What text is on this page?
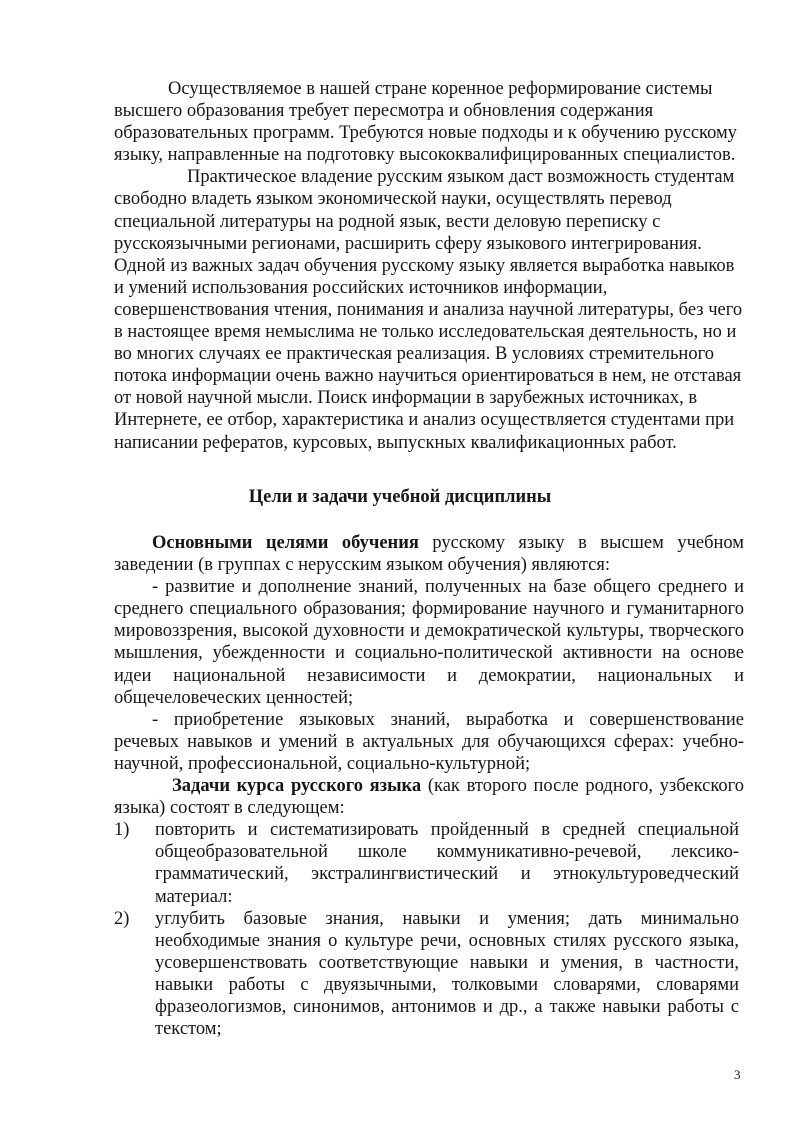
Осуществляемое в нашей стране коренное реформирование системы высшего образования требует пересмотра и обновления содержания образовательных программ. Требуются новые подходы и к обучению русскому языку, направленные на подготовку высококвалифицированных специалистов.

Практическое владение русским языком даст возможность студентам свободно владеть языком экономической науки, осуществлять перевод специальной литературы на родной язык, вести деловую переписку с русскоязычными регионами, расширить сферу языкового интегрирования. Одной из важных задач обучения русскому языку является выработка навыков и умений использования российских источников информации, совершенствования чтения, понимания и анализа научной литературы, без чего в настоящее время немыслима не только исследовательская деятельность, но и во многих случаях ее практическая реализация. В условиях стремительного потока информации очень важно научиться ориентироваться в нем, не отставая от новой научной мысли. Поиск информации в зарубежных источниках, в Интернете, ее отбор, характеристика и анализ осуществляется студентами при написании рефератов, курсовых, выпускных квалификационных работ.

Цели и задачи учебной дисциплины

Основными целями обучения русскому языку в высшем учебном заведении (в группах с нерусским языком обучения) являются:

- развитие и дополнение знаний, полученных на базе общего среднего и среднего специального образования; формирование научного и гуманитарного мировоззрения, высокой духовности и демократической культуры, творческого мышления, убежденности и социально-политической активности на основе идеи национальной независимости и демократии, национальных и общечеловеческих ценностей;

- приобретение языковых знаний, выработка и совершенствование речевых навыков и умений в актуальных для обучающихся сферах: учебно-научной, профессиональной, социально-культурной;

Задачи курса русского языка (как второго после родного, узбекского языка) состоят в следующем:

1) повторить и систематизировать пройденный в средней специальной общеобразовательной школе коммуникативно-речевой, лексико-грамматический, экстралингвистический и этнокультуроведческий материал:

2) углубить базовые знания, навыки и умения; дать минимально необходимые знания о культуре речи, основных стилях русского языка, усовершенствовать соответствующие навыки и умения, в частности, навыки работы с двуязычными, толковыми словарями, словарями фразеологизмов, синонимов, антонимов и др., а также навыки работы с текстом;

3
